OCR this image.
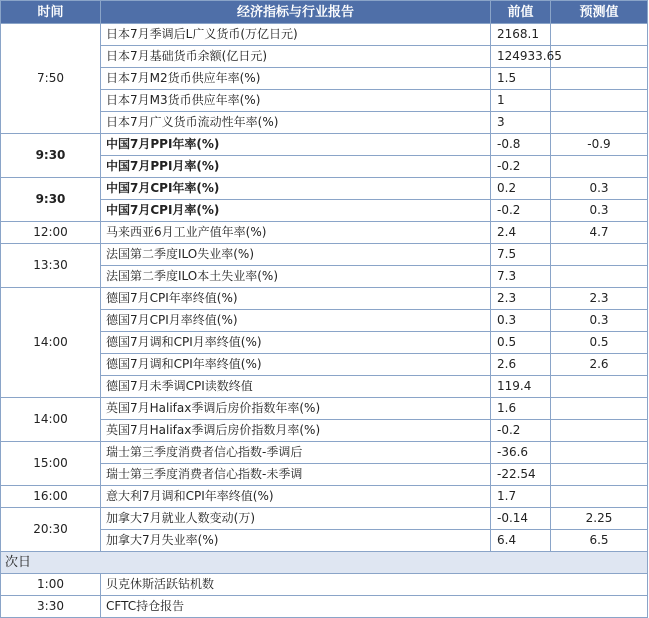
时间	经济指标与行业报告	前值	预测值
7:50	日本7月季调后L广义货币(万亿日元)	2168.1	
	日本7月基础货币余额(亿日元)	124933.65	
	日本7月M2货币供应年率(%)	1.5	
	日本7月M3货币供应年率(%)	1	
	日本7月广义货币流动性年率(%)	3	
9:30	中国7月PPI年率(%)	-0.8	-0.9
	中国7月PPI月率(%)	-0.2	
9:30	中国7月CPI年率(%)	0.2	0.3
	中国7月CPI月率(%)	-0.2	0.3
12:00	马来西亚6月工业产值年率(%)	2.4	4.7
13:30	法国第二季度ILO失业率(%)	7.5	
	法国第二季度ILO本土失业率(%)	7.3	
14:00	德国7月CPI年率终值(%)	2.3	2.3
	德国7月CPI月率终值(%)	0.3	0.3
	德国7月调和CPI月率终值(%)	0.5	0.5
	德国7月调和CPI年率终值(%)	2.6	2.6
	德国7月未季调CPI读数终值	119.4	
14:00	英国7月Halifax季调后房价指数年率(%)	1.6	
	英国7月Halifax季调后房价指数月率(%)	-0.2	
15:00	瑞士第三季度消费者信心指数-季调后	-36.6	
	瑞士第三季度消费者信心指数-未季调	-22.54	
16:00	意大利7月调和CPI年率终值(%)	1.7	
20:30	加拿大7月就业人数变动(万)	-0.14	2.25
	加拿大7月失业率(%)	6.4	6.5
次日			
1:00	贝克休斯活跃钻机数		
3:30	CFTC持仓报告		
